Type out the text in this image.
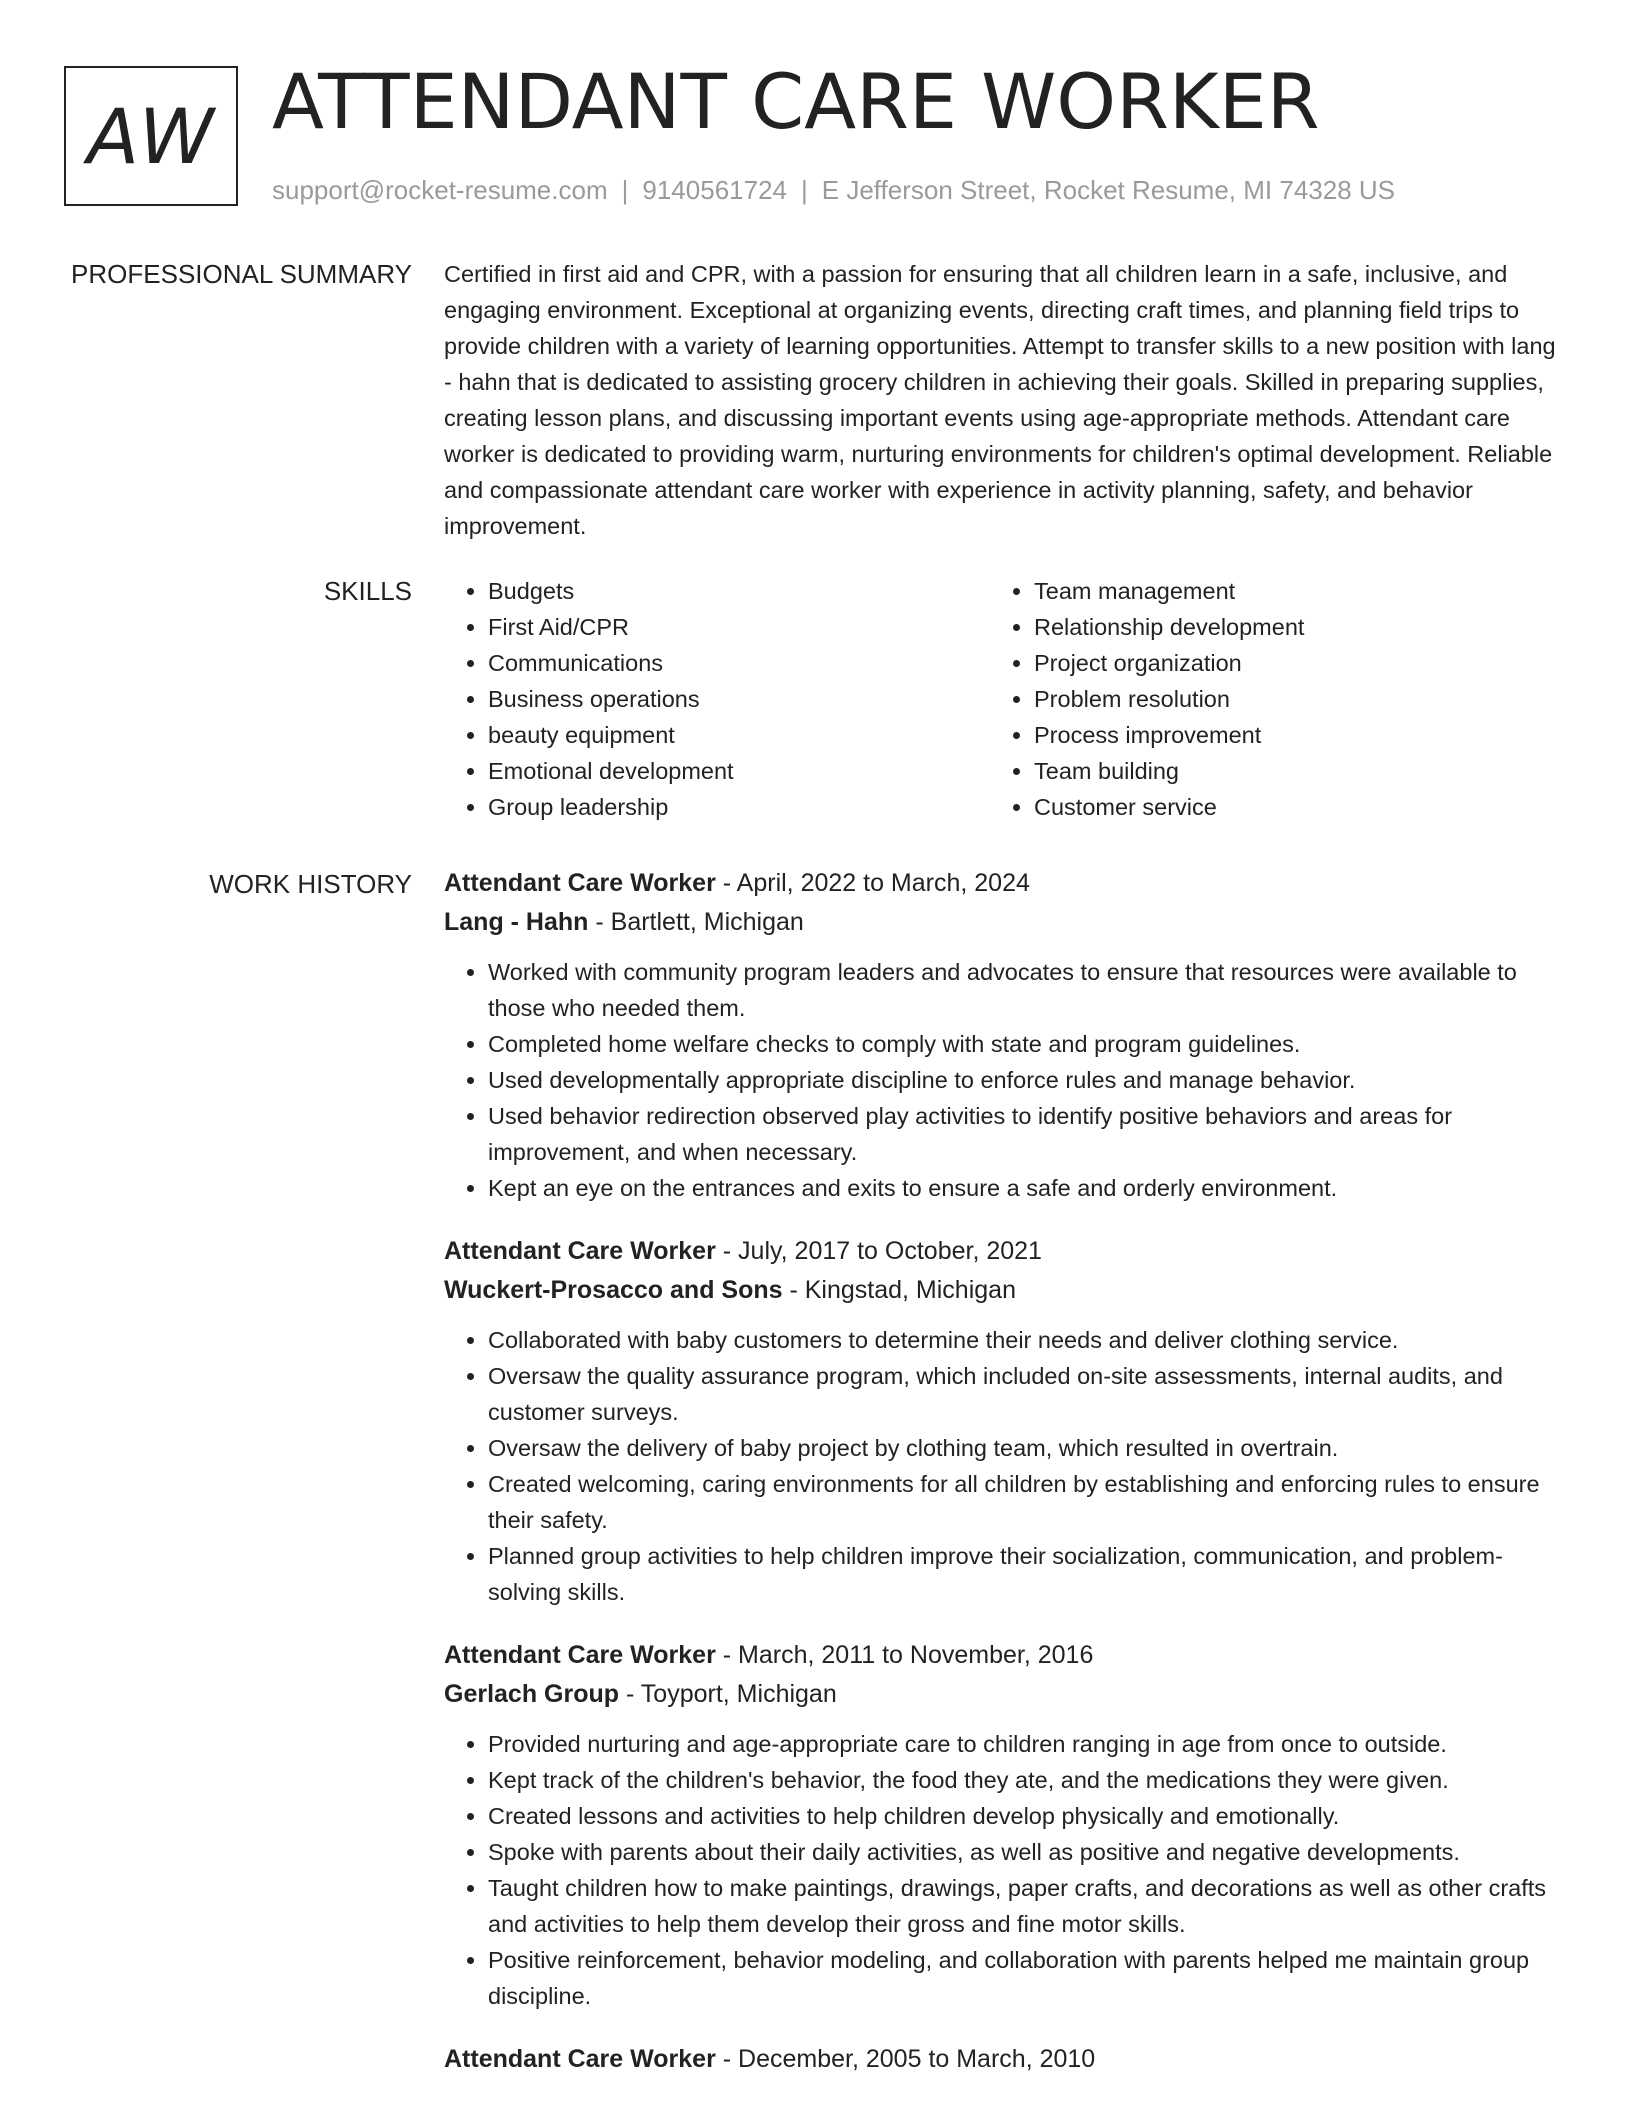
AW ATTENDANT CARE WORKER
support@rocket-resume.com | 9140561724 | E Jefferson Street, Rocket Resume, MI 74328 US
PROFESSIONAL SUMMARY Certified in first aid and CPR, with a passion for ensuring that all children learn in a safe, inclusive, and engaging environment. Exceptional at organizing events, directing craft times, and planning field trips to provide children with a variety of learning opportunities. Attempt to transfer skills to a new position with lang - hahn that is dedicated to assisting grocery children in achieving their goals. Skilled in preparing supplies, creating lesson plans, and discussing important events using age-appropriate methods. Attendant care worker is dedicated to providing warm, nurturing environments for children's optimal development. Reliable and compassionate attendant care worker with experience in activity planning, safety, and behavior improvement.

SKILLS
•	Budgets
• First Aid/CPR
• Communications
• Business operations
• beauty equipment
• Emotional development
• Group leadership
• Team management
• Relationship development
• Project organization
• Problem resolution
• Process improvement
• Team building
• Customer service
WORK HISTORY Attendant Care Worker - April, 2022 to March, 2024
Lang - Hahn - Bartlett, Michigan
• Worked with community program leaders and advocates to ensure that resources were available to those who needed them.
• Completed home welfare checks to comply with state and program guidelines.
• Used developmentally appropriate discipline to enforce rules and manage behavior.
• Used behavior redirection observed play activities to identify positive behaviors and areas for improvement, and when necessary.
• Kept an eye on the entrances and exits to ensure a safe and orderly environment.
Attendant Care Worker - July, 2017 to October, 2021
Wuckert-Prosacco and Sons - Kingstad, Michigan
• Collaborated with baby customers to determine their needs and deliver clothing service.
• Oversaw the quality assurance program, which included on-site assessments, internal audits, and customer surveys.
• Oversaw the delivery of baby project by clothing team, which resulted in overtrain.
• Created welcoming, caring environments for all children by establishing and enforcing rules to ensure their safety.
• Planned group activities to help children improve their socialization, communication, and problem-solving skills.
Attendant Care Worker - March, 2011 to November, 2016
Gerlach Group - Toyport, Michigan
• Provided nurturing and age-appropriate care to children ranging in age from once to outside.
• Kept track of the children's behavior, the food they ate, and the medications they were given.
• Created lessons and activities to help children develop physically and emotionally.
• Spoke with parents about their daily activities, as well as positive and negative developments.
• Taught children how to make paintings, drawings, paper crafts, and decorations as well as other crafts and activities to help them develop their gross and fine motor skills.
• Positive reinforcement, behavior modeling, and collaboration with parents helped me maintain group discipline.
Attendant Care Worker - December, 2005 to March, 2010
